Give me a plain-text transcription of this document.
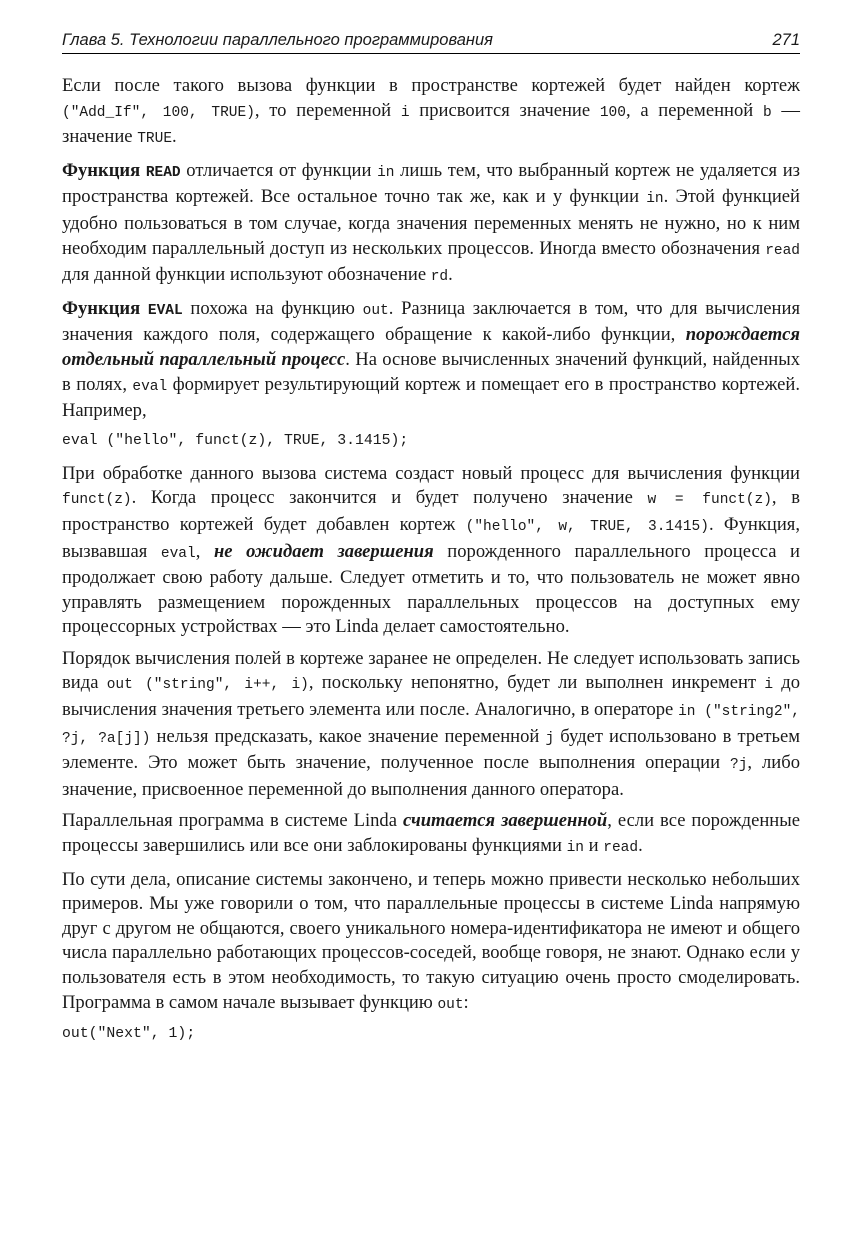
Глава 5. Технологии параллельного программирования	271

Если после такого вызова функции в пространстве кортежей будет найден кортеж ("Add_If", 100, TRUE), то переменной i присвоится значение 100, а переменной b — значение TRUE.

Функция READ отличается от функции in лишь тем, что выбранный кортеж не удаляется из пространства кортежей. Все остальное точно так же, как и у функции in. Этой функцией удобно пользоваться в том случае, когда значения переменных менять не нужно, но к ним необходим параллельный доступ из нескольких процессов. Иногда вместо обозначения read для данной функции используют обозначение rd.

Функция EVAL похожа на функцию out. Разница заключается в том, что для вычисления значения каждого поля, содержащего обращение к какой-либо функции, порождается отдельный параллельный процесс. На основе вычисленных значений функций, найденных в полях, eval формирует результирующий кортеж и помещает его в пространство кортежей. Например,

eval ("hello", funct(z), TRUE, 3.1415);

При обработке данного вызова система создаст новый процесс для вычисления функции funct(z). Когда процесс закончится и будет получено значение w = funct(z), в пространство кортежей будет добавлен кортеж ("hello", w, TRUE, 3.1415). Функция, вызвавшая eval, не ожидает завершения порожденного параллельного процесса и продолжает свою работу дальше. Следует отметить и то, что пользователь не может явно управлять размещением порожденных параллельных процессов на доступных ему процессорных устройствах — это Linda делает самостоятельно.

Порядок вычисления полей в кортеже заранее не определен. Не следует использовать запись вида out ("string", i++, i), поскольку непонятно, будет ли выполнен инкремент i до вычисления значения третьего элемента или после. Аналогично, в операторе in ("string2", ?j, ?a[j]) нельзя предсказать, какое значение переменной j будет использовано в третьем элементе. Это может быть значение, полученное после выполнения операции ?j, либо значение, присвоенное переменной до выполнения данного оператора.

Параллельная программа в системе Linda считается завершенной, если все порожденные процессы завершились или все они заблокированы функциями in и read.

По сути дела, описание системы закончено, и теперь можно привести несколько небольших примеров. Мы уже говорили о том, что параллельные процессы в системе Linda напрямую друг с другом не общаются, своего уникального номера-идентификатора не имеют и общего числа параллельно работающих процессов-соседей, вообще говоря, не знают. Однако если у пользователя есть в этом необходимость, то такую ситуацию очень просто смоделировать. Программа в самом начале вызывает функцию out:

out("Next", 1);
